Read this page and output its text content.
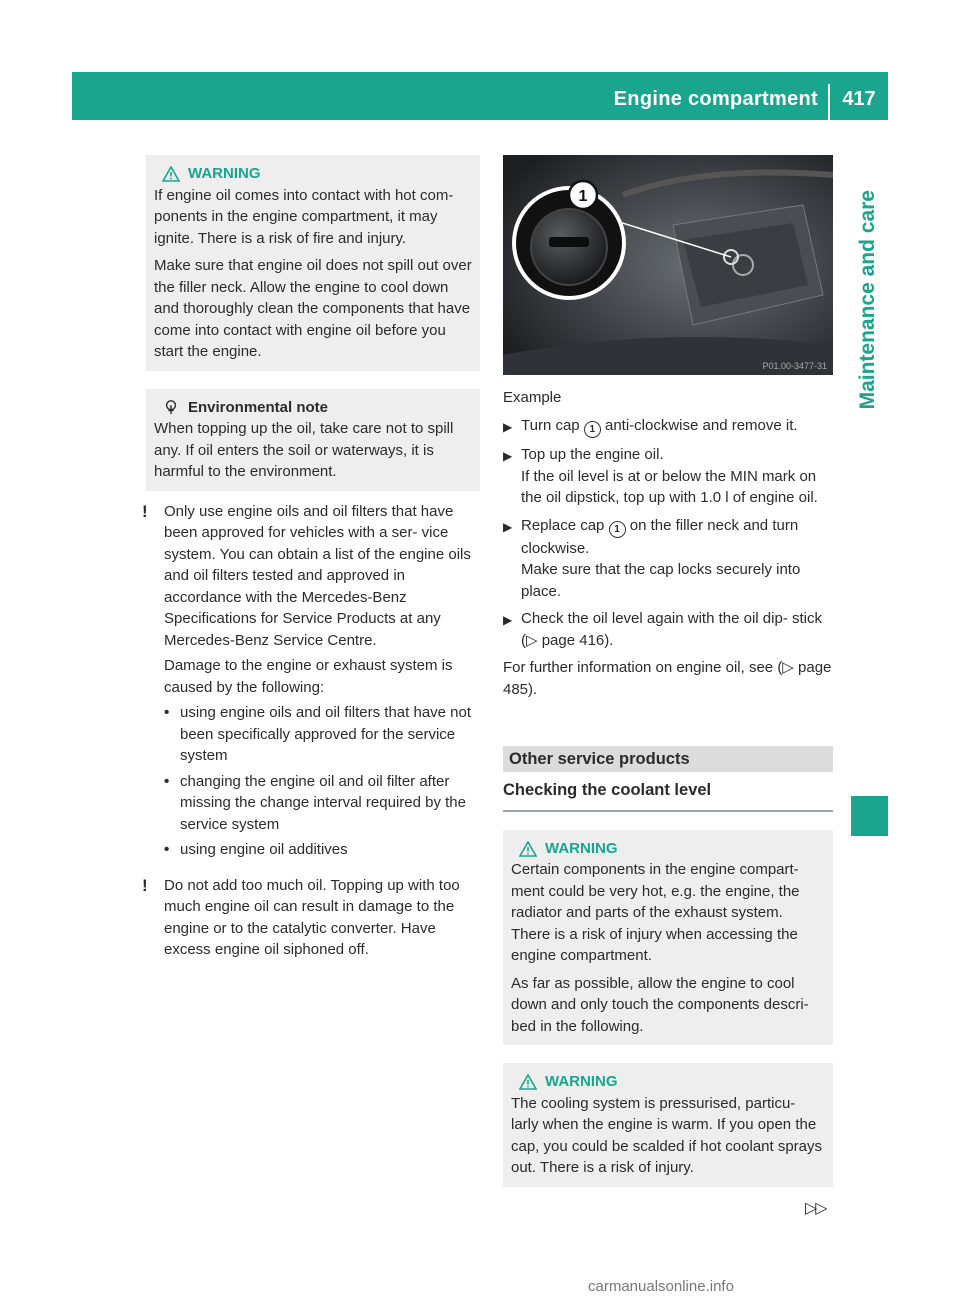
Engine compartment	417
Maintenance and care
WARNING

If engine oil comes into contact with hot com- ponents in the engine compartment, it may ignite. There is a risk of fire and injury.

Make sure that engine oil does not spill out over the filler neck. Allow the engine to cool down and thoroughly clean the components that have come into contact with engine oil before you start the engine.

Environmental note

When topping up the oil, take care not to spill any. If oil enters the soil or waterways, it is harmful to the environment.

!	Only use engine oils and oil filters that have been approved for vehicles with a ser- vice system. You can obtain a list of the engine oils and oil filters tested and approved in accordance with the Mercedes-Benz Specifications for Service Products at any Mercedes-Benz Service Centre.

Damage to the engine or exhaust system is caused by the following:

• using engine oils and oil filters that have not been specifically approved for the service system
• changing the engine oil and oil filter after missing the change interval required by the service system
• using engine oil additives
!	Do not add too much oil. Topping up with too much engine oil can result in damage to the engine or to the catalytic converter. Have excess engine oil siphoned off.

1
P01.00-3477-31
Example
▶ Turn cap 1 anti-clockwise and remove it.

▶ Top up the engine oil.

If the oil level is at or below the MIN mark on the oil dipstick, top up with 1.0 l of engine oil.

▶ Replace cap 1 on the filler neck and turn clockwise.

Make sure that the cap locks securely into place.

▶ Check the oil level again with the oil dip- stick (▷ page 416).

For further information on engine oil, see (▷ page 485).

Other service products
Checking the coolant level
WARNING

Certain components in the engine compart- ment could be very hot, e.g. the engine, the radiator and parts of the exhaust system. There is a risk of injury when accessing the engine compartment.

As far as possible, allow the engine to cool down and only touch the components descri- bed in the following.

WARNING

The cooling system is pressurised, particu- larly when the engine is warm. If you open the cap, you could be scalded if hot coolant sprays out. There is a risk of injury.

▷▷
carmanualsonline.info
